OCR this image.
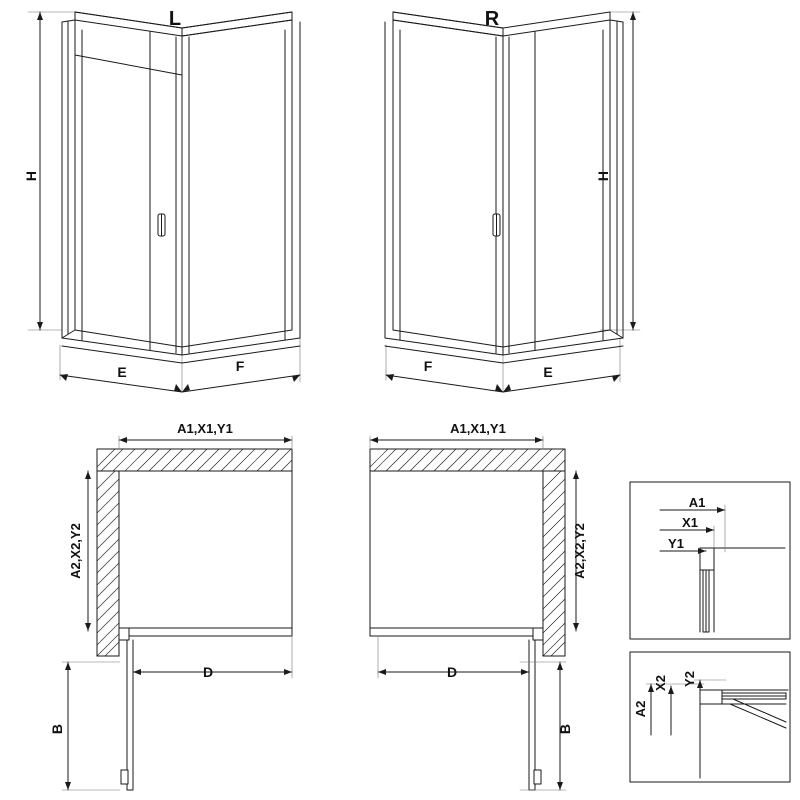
L	R
H	H
E	F	F	E
A1,X1,Y1	A1,X1,Y1
A2,X2,Y2	A2,X2,Y2
D	D
B	B
A1
X1
Y1
A2
X2 Y2
